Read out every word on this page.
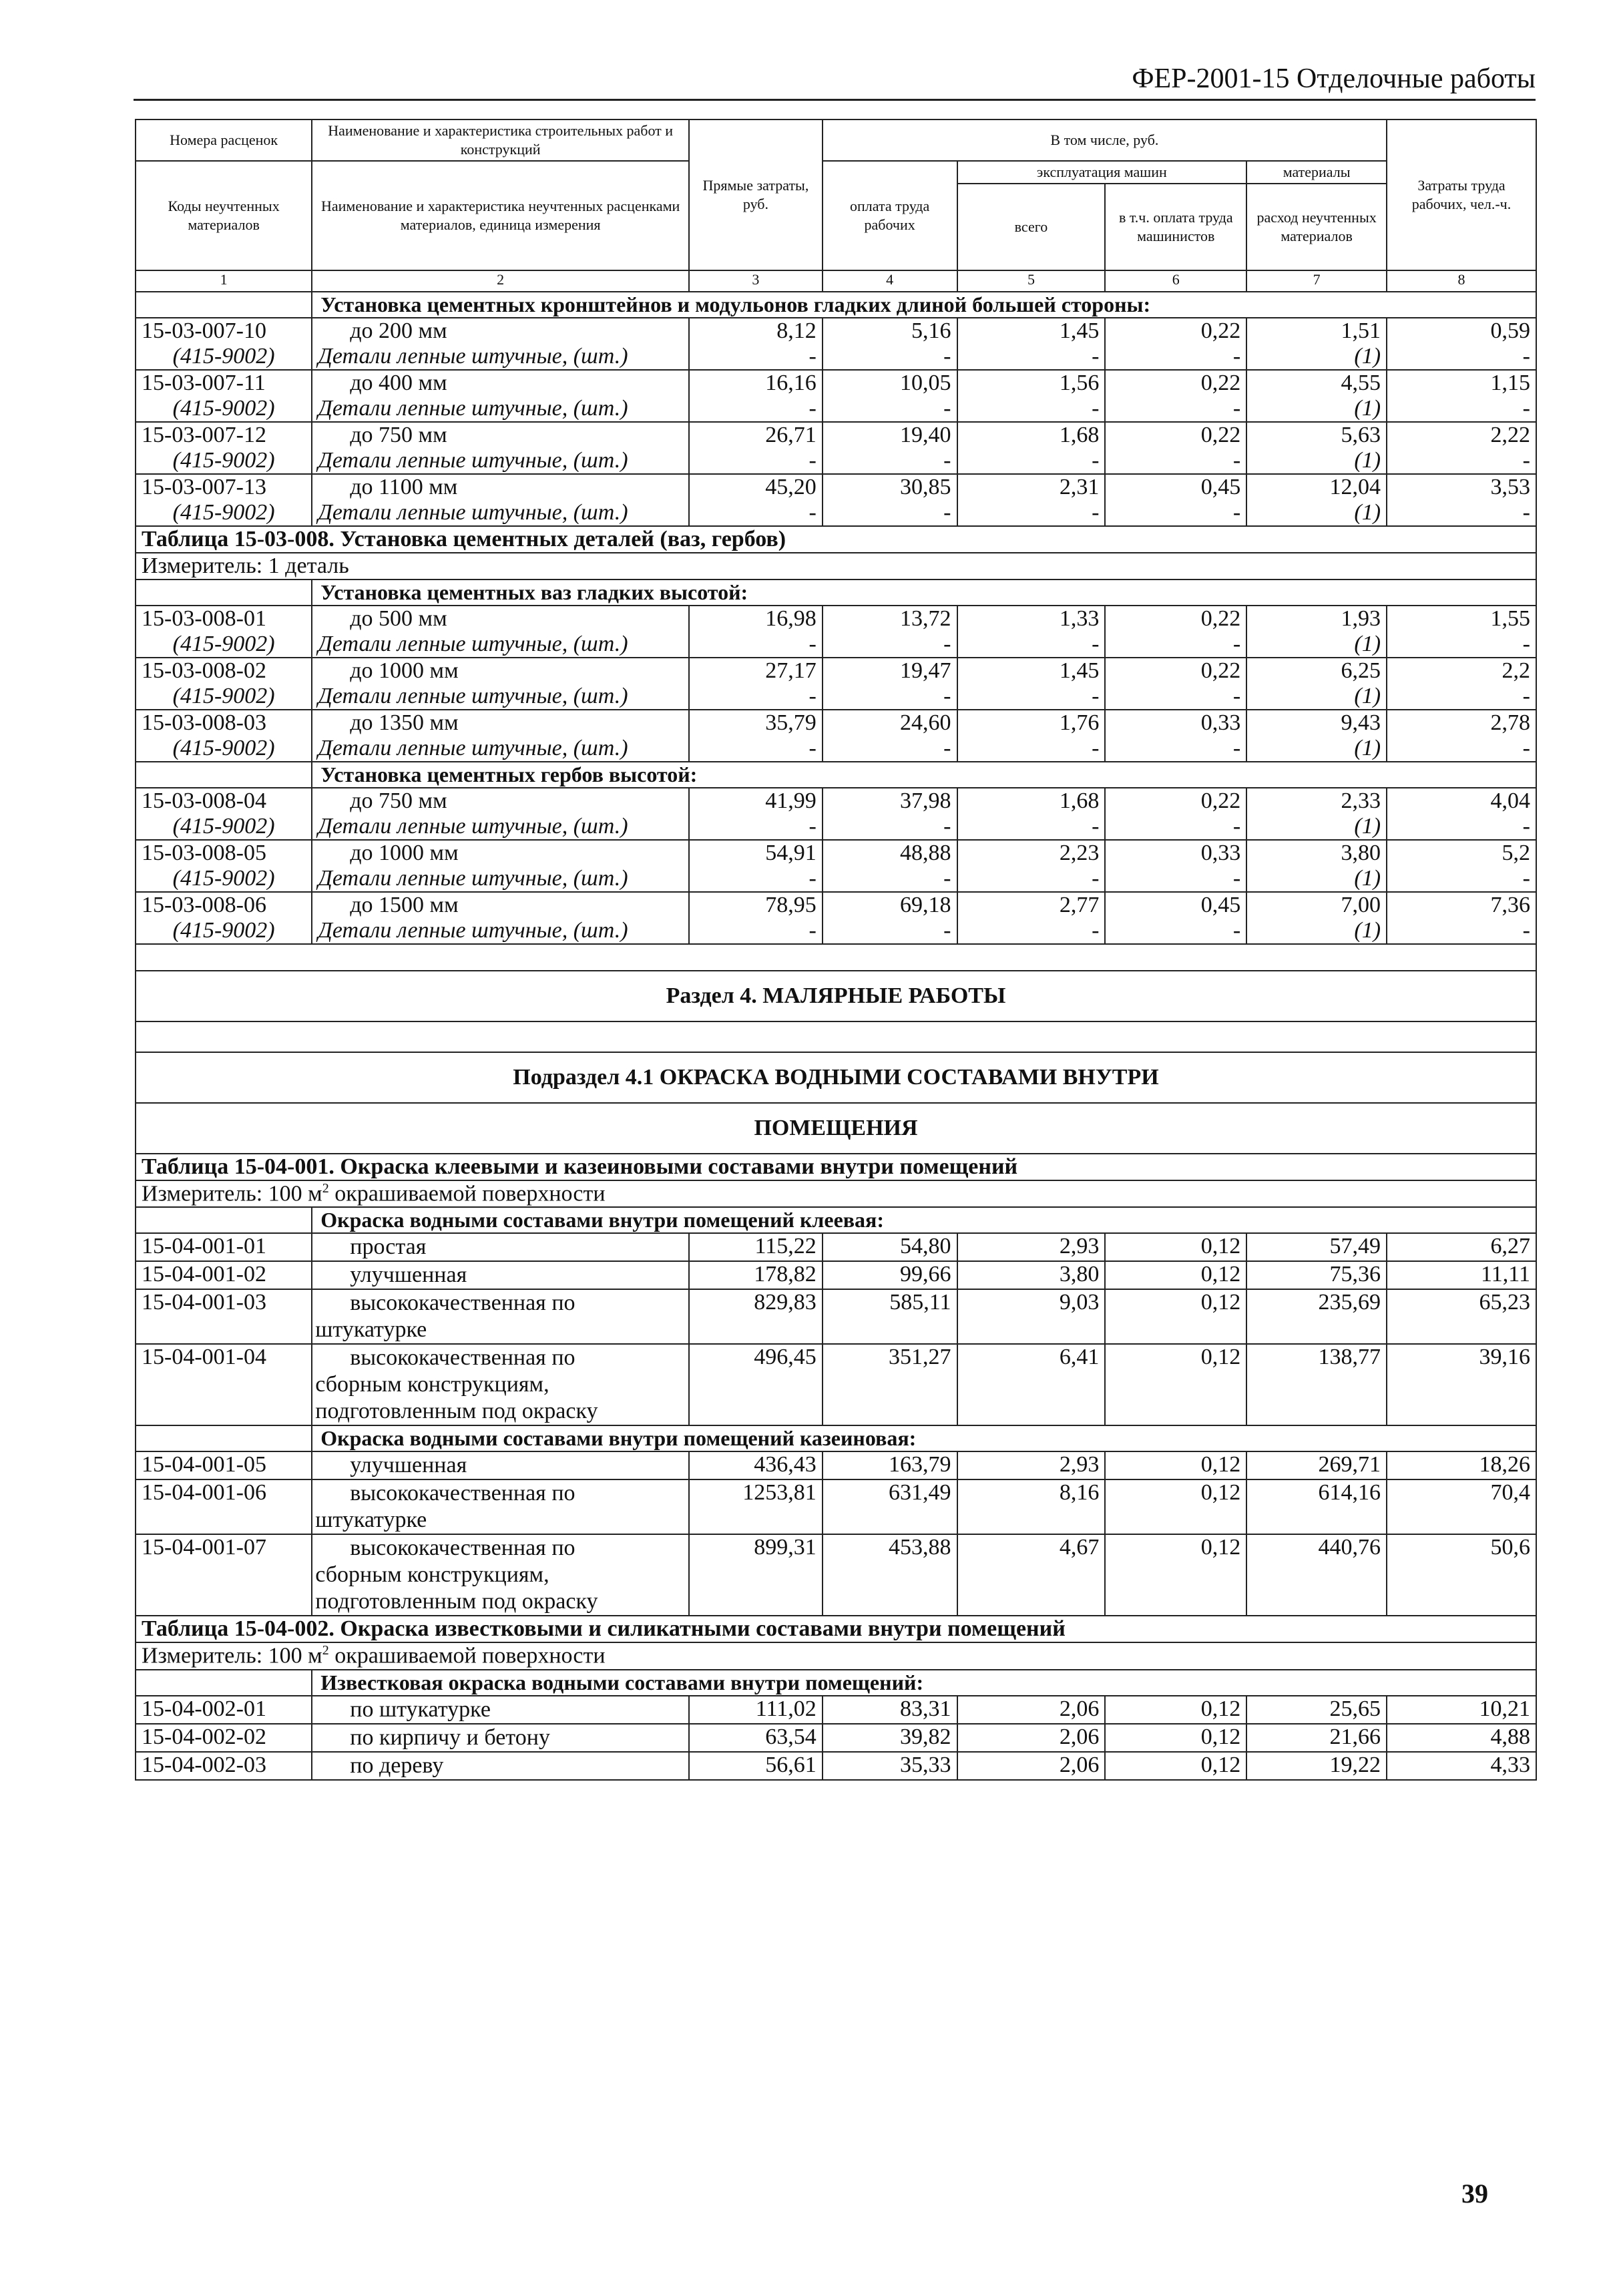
ФЕР-2001-15 Отделочные работы
Номера расценок	Наименование и характеристика строительных работ и конструкций	Прямые затраты, руб.	В том числе, руб.				Затраты труда рабочих, чел.-ч.
Коды неучтенных материалов	Наименование и характеристика неучтенных расценками материалов, единица измерения		оплата труда рабочих	эксплуатация машин		материалы	
				всего	в т.ч. оплата труда машинистов	расход неучтенных материалов	
1	2	3	4	5	6	7	8
	Установка цементных кронштейнов и модульонов гладких длиной большей стороны:						
15-03-007-10	до 200 мм	8,12	5,16	1,45	0,22	1,51	0,59
(415-9002)	Детали лепные штучные, (шт.)	-	-	-	-	(1)	-
15-03-007-11	до 400 мм	16,16	10,05	1,56	0,22	4,55	1,15
(415-9002)	Детали лепные штучные, (шт.)	-	-	-	-	(1)	-
15-03-007-12	до 750 мм	26,71	19,40	1,68	0,22	5,63	2,22
(415-9002)	Детали лепные штучные, (шт.)	-	-	-	-	(1)	-
15-03-007-13	до 1100 мм	45,20	30,85	2,31	0,45	12,04	3,53
(415-9002)	Детали лепные штучные, (шт.)	-	-	-	-	(1)	-
Таблица 15-03-008. Установка цементных деталей (ваз, гербов)							
Измеритель: 1 деталь							
	Установка цементных ваз гладких высотой:						
15-03-008-01	до 500 мм	16,98	13,72	1,33	0,22	1,93	1,55
(415-9002)	Детали лепные штучные, (шт.)	-	-	-	-	(1)	-
15-03-008-02	до 1000 мм	27,17	19,47	1,45	0,22	6,25	2,2
(415-9002)	Детали лепные штучные, (шт.)	-	-	-	-	(1)	-
15-03-008-03	до 1350 мм	35,79	24,60	1,76	0,33	9,43	2,78
(415-9002)	Детали лепные штучные, (шт.)	-	-	-	-	(1)	-
	Установка цементных гербов высотой:						
15-03-008-04	до 750 мм	41,99	37,98	1,68	0,22	2,33	4,04
(415-9002)	Детали лепные штучные, (шт.)	-	-	-	-	(1)	-
15-03-008-05	до 1000 мм	54,91	48,88	2,23	0,33	3,80	5,2
(415-9002)	Детали лепные штучные, (шт.)	-	-	-	-	(1)	-
15-03-008-06	до 1500 мм	78,95	69,18	2,77	0,45	7,00	7,36
(415-9002)	Детали лепные штучные, (шт.)	-	-	-	-	(1)	-

Раздел 4. МАЛЯРНЫЕ РАБОТЫ							

Подраздел 4.1 ОКРАСКА ВОДНЫМИ СОСТАВАМИ ВНУТРИ							
ПОМЕЩЕНИЯ							
Таблица 15-04-001. Окраска клеевыми и казеиновыми составами внутри помещений							
Измеритель: 100 $м^2$ окрашиваемой поверхности							
	Окраска водными составами внутри помещений клеевая:						
15-04-001-01	простая	115,22	54,80	2,93	0,12	57,49	6,27
15-04-001-02	улучшенная	178,82	99,66	3,80	0,12	75,36	11,11
15-04-001-03	высококачественная по
штукатурке	829,83	585,11	9,03	0,12	235,69	65,23
15-04-001-04	высококачественная по
сборным конструкциям,
подготовленным под окраску	496,45	351,27	6,41	0,12	138,77	39,16
	Окраска водными составами внутри помещений казеиновая:						
15-04-001-05	улучшенная	436,43	163,79	2,93	0,12	269,71	18,26
15-04-001-06	высококачественная по
штукатурке	1253,81	631,49	8,16	0,12	614,16	70,4
15-04-001-07	высококачественная по
сборным конструкциям,
подготовленным под окраску	899,31	453,88	4,67	0,12	440,76	50,6
Таблица 15-04-002. Окраска известковыми и силикатными составами внутри помещений							
Измеритель: 100 $м^2$ окрашиваемой поверхности							
	Известковая окраска водными составами внутри помещений:						
15-04-002-01	по штукатурке	111,02	83,31	2,06	0,12	25,65	10,21
15-04-002-02	по кирпичу и бетону	63,54	39,82	2,06	0,12	21,66	4,88
15-04-002-03	по дереву	56,61	35,33	2,06	0,12	19,22	4,33
39
